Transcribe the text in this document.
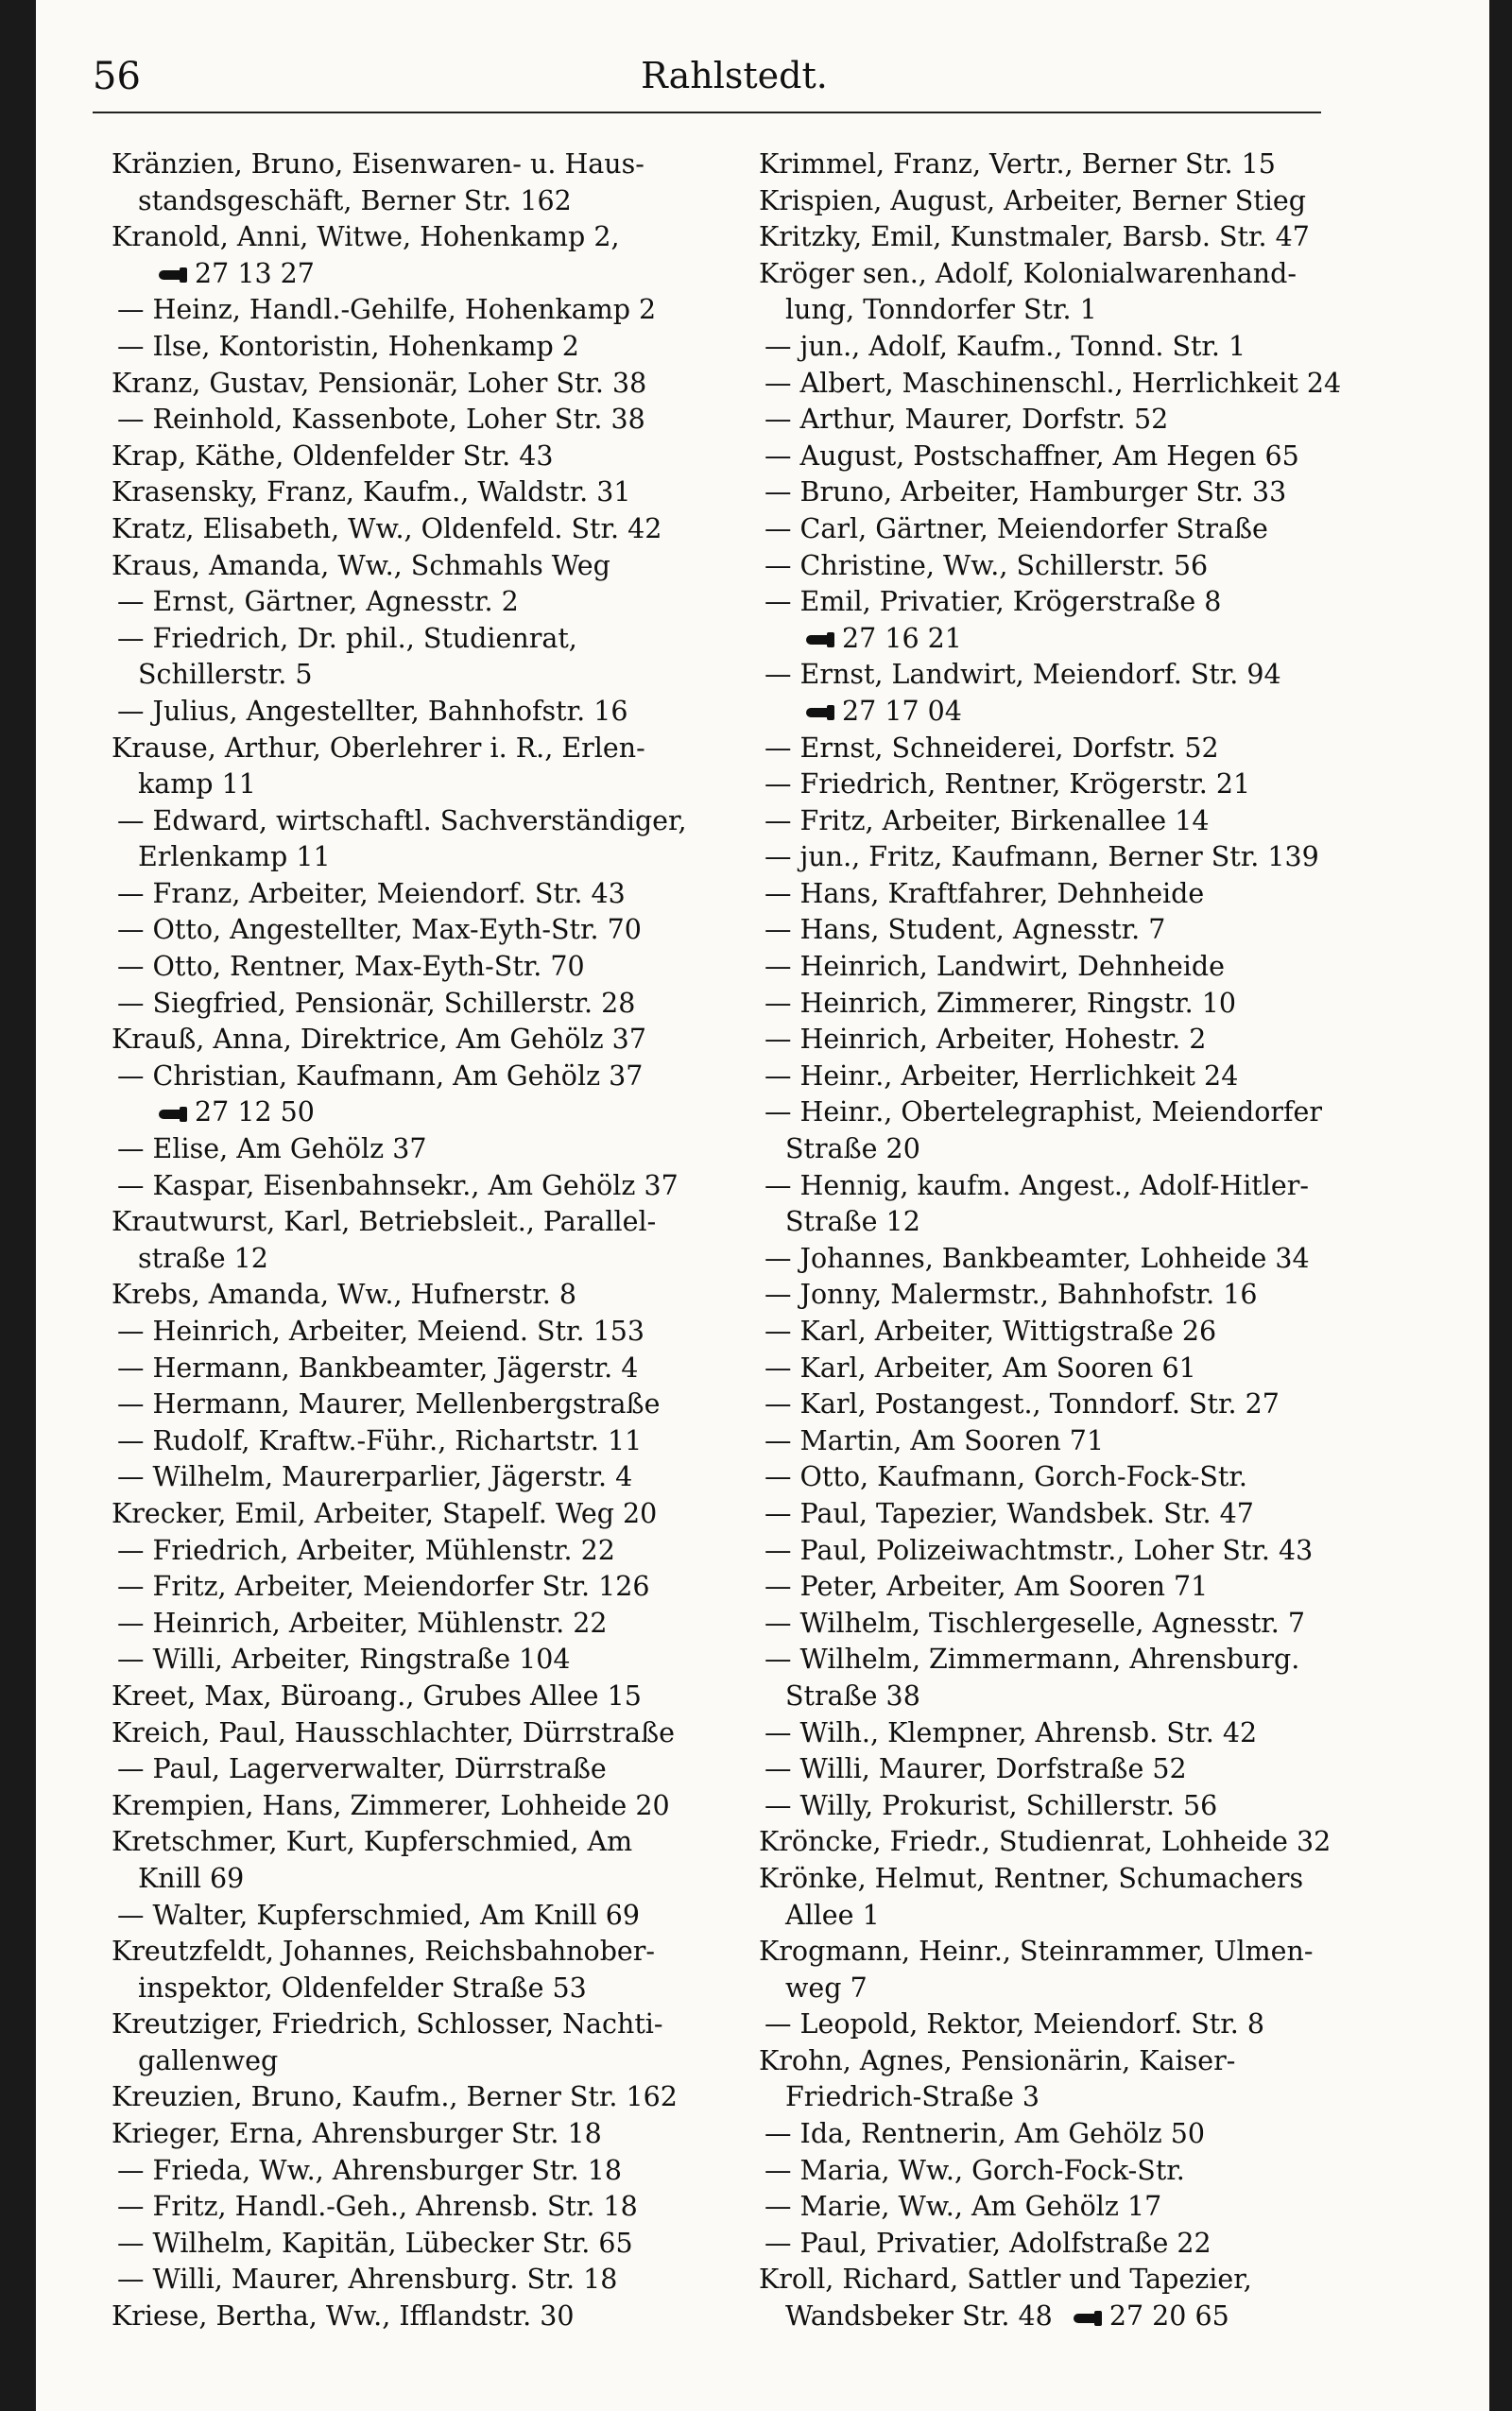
56	Rahlstedt.
Kränzien, Bruno, Eisenwaren- u. Haus-
standsgeschäft, Berner Str. 162
Kranold, Anni, Witwe, Hohenkamp 2,
27 13 27
— Heinz, Handl.-Gehilfe, Hohenkamp 2
— Ilse, Kontoristin, Hohenkamp 2
Kranz, Gustav, Pensionär, Loher Str. 38
— Reinhold, Kassenbote, Loher Str. 38
Krap, Käthe, Oldenfelder Str. 43
Krasensky, Franz, Kaufm., Waldstr. 31
Kratz, Elisabeth, Ww., Oldenfeld. Str. 42
Kraus, Amanda, Ww., Schmahls Weg
— Ernst, Gärtner, Agnesstr. 2
— Friedrich, Dr. phil., Studienrat,
Schillerstr. 5
— Julius, Angestellter, Bahnhofstr. 16
Krause, Arthur, Oberlehrer i. R., Erlen-
kamp 11
— Edward, wirtschaftl. Sachverständiger,
Erlenkamp 11
— Franz, Arbeiter, Meiendorf. Str. 43
— Otto, Angestellter, Max-Eyth-Str. 70
— Otto, Rentner, Max-Eyth-Str. 70
— Siegfried, Pensionär, Schillerstr. 28
Krauß, Anna, Direktrice, Am Gehölz 37
— Christian, Kaufmann, Am Gehölz 37
27 12 50
— Elise, Am Gehölz 37
— Kaspar, Eisenbahnsekr., Am Gehölz 37
Krautwurst, Karl, Betriebsleit., Parallel-
straße 12
Krebs, Amanda, Ww., Hufnerstr. 8
— Heinrich, Arbeiter, Meiend. Str. 153
— Hermann, Bankbeamter, Jägerstr. 4
— Hermann, Maurer, Mellenbergstraße
— Rudolf, Kraftw.-Führ., Richartstr. 11
— Wilhelm, Maurerparlier, Jägerstr. 4
Krecker, Emil, Arbeiter, Stapelf. Weg 20
— Friedrich, Arbeiter, Mühlenstr. 22
— Fritz, Arbeiter, Meiendorfer Str. 126
— Heinrich, Arbeiter, Mühlenstr. 22
— Willi, Arbeiter, Ringstraße 104
Kreet, Max, Büroang., Grubes Allee 15
Kreich, Paul, Hausschlachter, Dürrstraße
— Paul, Lagerverwalter, Dürrstraße
Krempien, Hans, Zimmerer, Lohheide 20
Kretschmer, Kurt, Kupferschmied, Am
Knill 69
— Walter, Kupferschmied, Am Knill 69
Kreutzfeldt, Johannes, Reichsbahnober-
inspektor, Oldenfelder Straße 53
Kreutziger, Friedrich, Schlosser, Nachti-
gallenweg
Kreuzien, Bruno, Kaufm., Berner Str. 162
Krieger, Erna, Ahrensburger Str. 18
— Frieda, Ww., Ahrensburger Str. 18
— Fritz, Handl.-Geh., Ahrensb. Str. 18
— Wilhelm, Kapitän, Lübecker Str. 65
— Willi, Maurer, Ahrensburg. Str. 18
Kriese, Bertha, Ww., Ifflandstr. 30
Krimmel, Franz, Vertr., Berner Str. 15
Krispien, August, Arbeiter, Berner Stieg
Kritzky, Emil, Kunstmaler, Barsb. Str. 47
Kröger sen., Adolf, Kolonialwarenhand-
lung, Tonndorfer Str. 1
— jun., Adolf, Kaufm., Tonnd. Str. 1
— Albert, Maschinenschl., Herrlichkeit 24
— Arthur, Maurer, Dorfstr. 52
— August, Postschaffner, Am Hegen 65
— Bruno, Arbeiter, Hamburger Str. 33
— Carl, Gärtner, Meiendorfer Straße
— Christine, Ww., Schillerstr. 56
— Emil, Privatier, Krögerstraße 8
27 16 21
— Ernst, Landwirt, Meiendorf. Str. 94
27 17 04
— Ernst, Schneiderei, Dorfstr. 52
— Friedrich, Rentner, Krögerstr. 21
— Fritz, Arbeiter, Birkenallee 14
— jun., Fritz, Kaufmann, Berner Str. 139
— Hans, Kraftfahrer, Dehnheide
— Hans, Student, Agnesstr. 7
— Heinrich, Landwirt, Dehnheide
— Heinrich, Zimmerer, Ringstr. 10
— Heinrich, Arbeiter, Hohestr. 2
— Heinr., Arbeiter, Herrlichkeit 24
— Heinr., Obertelegraphist, Meiendorfer
Straße 20
— Hennig, kaufm. Angest., Adolf-Hitler-
Straße 12
— Johannes, Bankbeamter, Lohheide 34
— Jonny, Malermstr., Bahnhofstr. 16
— Karl, Arbeiter, Wittigstraße 26
— Karl, Arbeiter, Am Sooren 61
— Karl, Postangest., Tonndorf. Str. 27
— Martin, Am Sooren 71
— Otto, Kaufmann, Gorch-Fock-Str.
— Paul, Tapezier, Wandsbek. Str. 47
— Paul, Polizeiwachtmstr., Loher Str. 43
— Peter, Arbeiter, Am Sooren 71
— Wilhelm, Tischlergeselle, Agnesstr. 7
— Wilhelm, Zimmermann, Ahrensburg.
Straße 38
— Wilh., Klempner, Ahrensb. Str. 42
— Willi, Maurer, Dorfstraße 52
— Willy, Prokurist, Schillerstr. 56
Kröncke, Friedr., Studienrat, Lohheide 32
Krönke, Helmut, Rentner, Schumachers
Allee 1
Krogmann, Heinr., Steinrammer, Ulmen-
weg 7
— Leopold, Rektor, Meiendorf. Str. 8
Krohn, Agnes, Pensionärin, Kaiser-
Friedrich-Straße 3
— Ida, Rentnerin, Am Gehölz 50
— Maria, Ww., Gorch-Fock-Str.
— Marie, Ww., Am Gehölz 17
— Paul, Privatier, Adolfstraße 22
Kroll, Richard, Sattler und Tapezier,
Wandsbeker Str. 48 27 20 65
